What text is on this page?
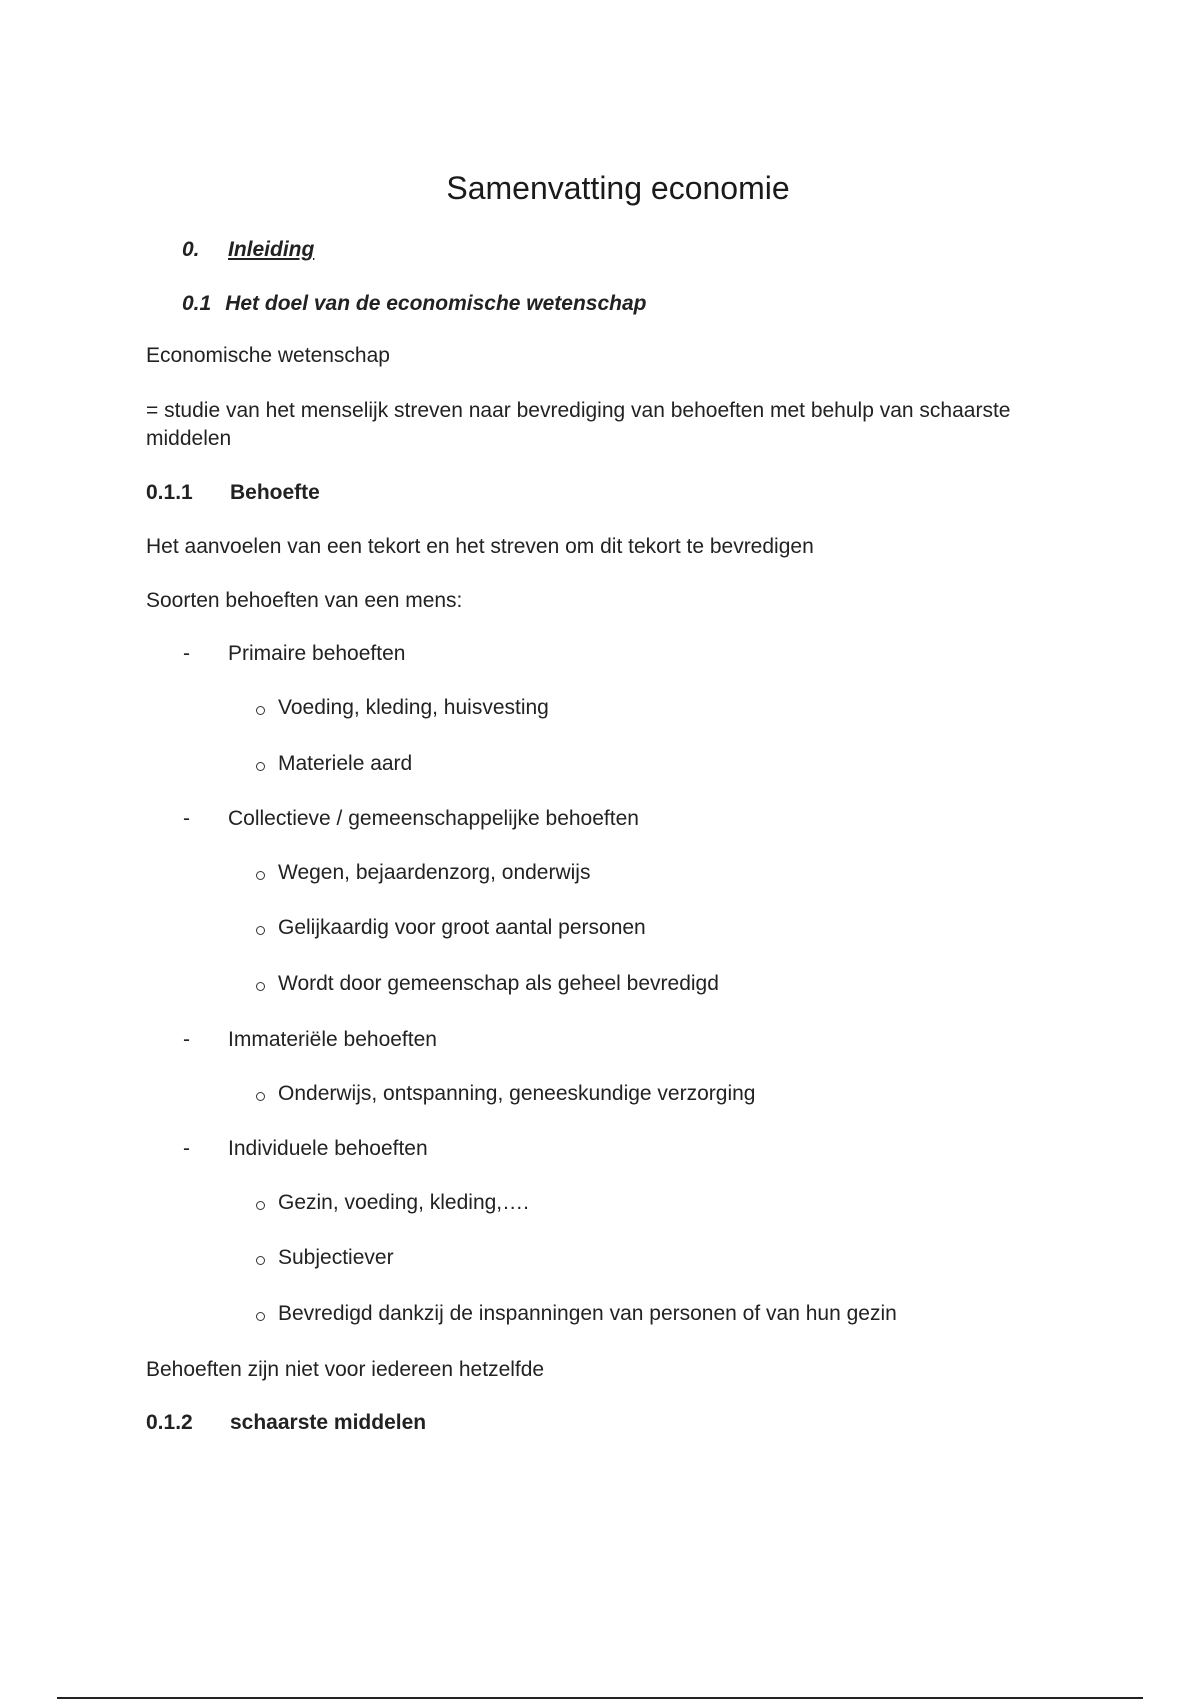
Samenvatting economie
0. Inleiding
0.1 Het doel van de economische wetenschap
Economische wetenschap
= studie van het menselijk streven naar bevrediging van behoeften met behulp van schaarste middelen
0.1.1 Behoefte
Het aanvoelen van een tekort en het streven om dit tekort te bevredigen
Soorten behoeften van een mens:
- Primaire behoeften
Voeding, kleding, huisvesting
Materiele aard
- Collectieve / gemeenschappelijke behoeften
Wegen, bejaardenzorg, onderwijs
Gelijkaardig voor groot aantal personen
Wordt door gemeenschap als geheel bevredigd
- Immateriële behoeften
Onderwijs, ontspanning, geneeskundige verzorging
- Individuele behoeften
Gezin, voeding, kleding,….
Subjectiever
Bevredigd dankzij de inspanningen van personen of van hun gezin
Behoeften zijn niet voor iedereen hetzelfde
0.1.2 schaarste middelen
